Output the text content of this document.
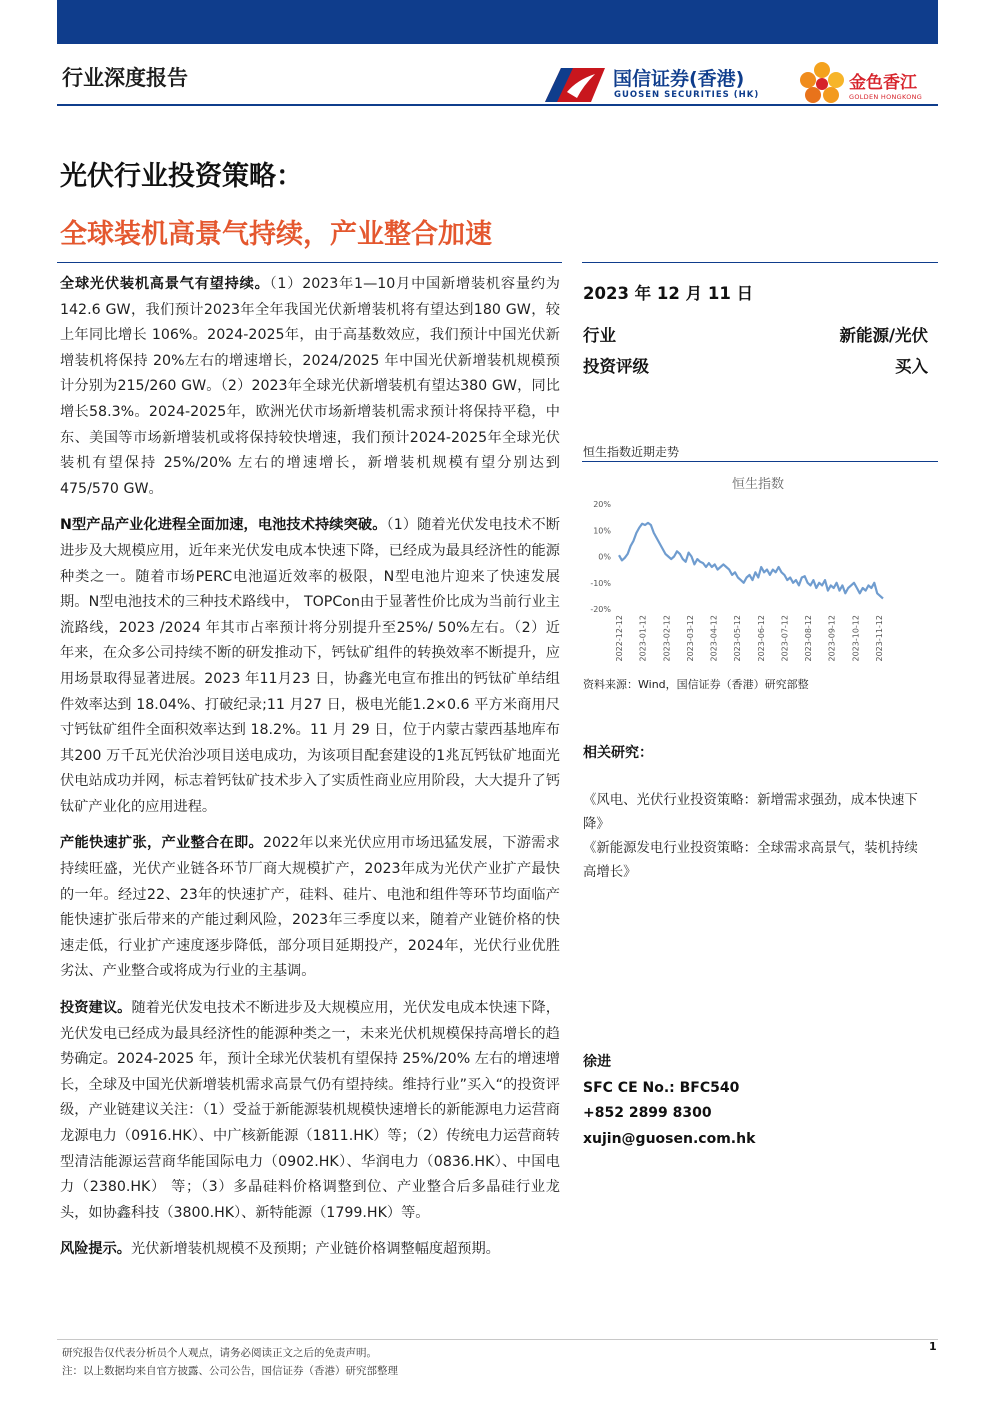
行业深度报告	国信证券(香港)
GUOSEN SECURITIES (HK)
金色香江
GOLDEN HONGKONG
光伏行业投资策略：
全球装机高景气持续，产业整合加速

全球光伏装机高景气有望持续。（1）2023年1—10月中国新增装机容量约为142.6 GW，我们预计2023年全年我国光伏新增装机将有望达到180 GW，较上年同比增长 106%。2024-2025年，由于高基数效应，我们预计中国光伏新增装机将保持 20%左右的增速增长，2024/2025 年中国光伏新增装机规模预计分别为215/260 GW。（2）2023年全球光伏新增装机有望达380 GW，同比增长58.3%。2024-2025年，欧洲光伏市场新增装机需求预计将保持平稳，中东、美国等市场新增装机或将保持较快增速，我们预计2024-2025年全球光伏装机有望保持 25%/20% 左右的增速增长，新增装机规模有望分别达到 475/570 GW。

N型产品产业化进程全面加速，电池技术持续突破。（1）随着光伏发电技术不断进步及大规模应用，近年来光伏发电成本快速下降，已经成为最具经济性的能源种类之一。随着市场PERC电池逼近效率的极限，N型电池片迎来了快速发展期。N型电池技术的三种技术路线中， TOPCon由于显著性价比成为当前行业主流路线，2023 /2024 年其市占率预计将分别提升至25%/ 50%左右。（2）近年来，在众多公司持续不断的研发推动下，钙钛矿组件的转换效率不断提升，应用场景取得显著进展。2023 年11月23 日，协鑫光电宣布推出的钙钛矿单结组件效率达到 18.04%、打破纪录;11 月27 日，极电光能1.2×0.6 平方米商用尺寸钙钛矿组件全面积效率达到 18.2%。11 月 29 日，位于内蒙古蒙西基地库布其200 万千瓦光伏治沙项目送电成功，为该项目配套建设的1兆瓦钙钛矿地面光伏电站成功并网，标志着钙钛矿技术步入了实质性商业应用阶段，大大提升了钙钛矿产业化的应用进程。

产能快速扩张，产业整合在即。2022年以来光伏应用市场迅猛发展，下游需求持续旺盛，光伏产业链各环节厂商大规模扩产，2023年成为光伏产业扩产最快的一年。经过22、23年的快速扩产，硅料、硅片、电池和组件等环节均面临产能快速扩张后带来的产能过剩风险，2023年三季度以来，随着产业链价格的快速走低，行业扩产速度逐步降低，部分项目延期投产，2024年，光伏行业优胜劣汰、产业整合或将成为行业的主基调。

投资建议。随着光伏发电技术不断进步及大规模应用，光伏发电成本快速下降，光伏发电已经成为最具经济性的能源种类之一，未来光伏机规模保持高增长的趋势确定。2024-2025 年，预计全球光伏装机有望保持 25%/20% 左右的增速增长，全球及中国光伏新增装机需求高景气仍有望持续。维持行业”买入“的投资评级，产业链建议关注：（1）受益于新能源装机规模快速增长的新能源电力运营商龙源电力（0916.HK）、中广核新能源（1811.HK）等；（2）传统电力运营商转型清洁能源运营商华能国际电力（0902.HK）、华润电力（0836.HK）、中国电力（2380.HK） 等；（3）多晶硅料价格调整到位、产业整合后多晶硅行业龙头，如协鑫科技（3800.HK）、新特能源（1799.HK）等。

风险提示。光伏新增装机规模不及预期；产业链价格调整幅度超预期。

2023 年 12 月 11 日
行业	新能源/光伏
投资评级	买入
恒生指数近期走势
恒生指数
20%
10%
0%
-10%
-20%
2022-12-12 2023-01-12 2023-02-12 2023-03-12 2023-04-12 2023-05-12 2023-06-12 2023-07-12 2023-08-12 2023-09-12 2023-10-12 2023-11-12
资料来源：Wind，国信证券（香港）研究部整
相关研究：
《风电、光伏行业投资策略：新增需求强劲，成本快速下降》
《新能源发电行业投资策略：全球需求高景气，装机持续高增长》
徐进
SFC CE No.: BFC540
+852 2899 8300
xujin@guosen.com.hk
研究报告仅代表分析员个人观点，请务必阅读正文之后的免责声明。
注：以上数据均来自官方披露、公司公告，国信证券（香港）研究部整理
1
